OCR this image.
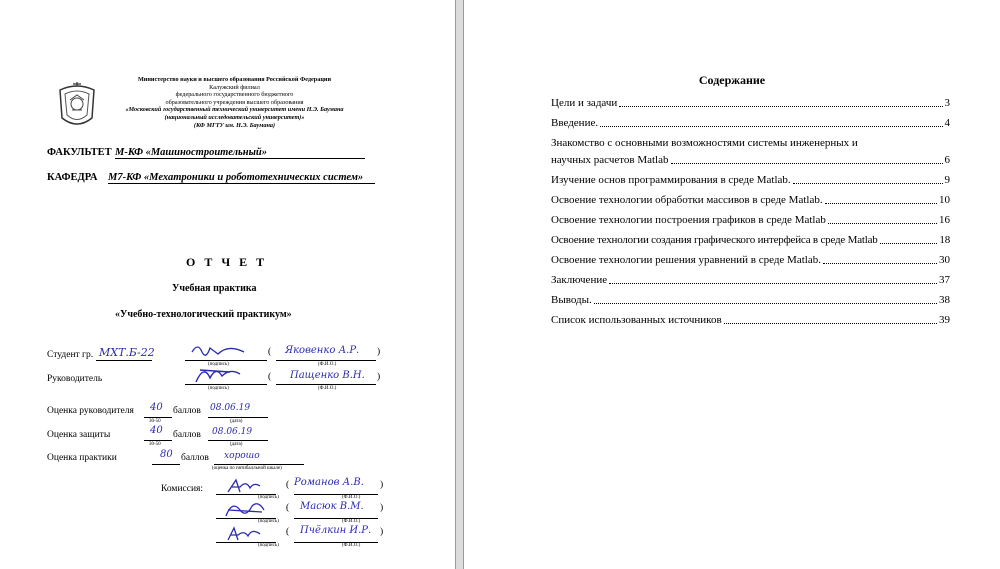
Министерство науки и высшего образования Российской Федерации
Калужский филиал
федерального государственного бюджетного
образовательного учреждения высшего образования
«Московский государственный технический университет имени Н.Э. Баумана
(национальный исследовательский университет)»
(КФ МГТУ им. Н.Э. Баумана)
ФАКУЛЬТЕТ М-КФ «Машиностроительный»
КАФЕДРА М7-КФ «Мехатроники и робототехнических систем»
О Т Ч Е Т
Учебная практика
«Учебно-технологический практикум»
Студент гр. МХТ.Б-22
(подпись)
( Яковенко А.Р. )
(Ф.И.О.)
Руководитель
(подпись)
( Пащенко В.Н. )
(Ф.И.О.)
Оценка руководителя 40
30-50
баллов 08.06.19
(дата)
Оценка защиты	40
30-50
баллов 08.06.19
(дата)
Оценка практики	80 баллов хорошо
(оценка по пятибалльной шкале)
Комиссия:
(подпись)
( Романов А.В. )
(Ф.И.О.)
(подпись)
( Масюк В.М. )
(Ф.И.О.)
(подпись)
( Пчёлкин И.Р. )
(Ф.И.О.)
Содержание
Цели и задачи	3
Введение.	4
Знакомство с основными возможностями системы инженерных и
научных расчетов Matlab	6
Изучение основ программирования в среде Matlab.	9
Освоение технологии обработки массивов в среде Matlab.	10
Освоение технологии построения графиков в среде Matlab	16
Освоение технологии создания графического интерфейса в среде Matlab	18
Освоение технологии решения уравнений в среде Matlab.	30
Заключение	37
Выводы.	38
Список использованных источников	39
